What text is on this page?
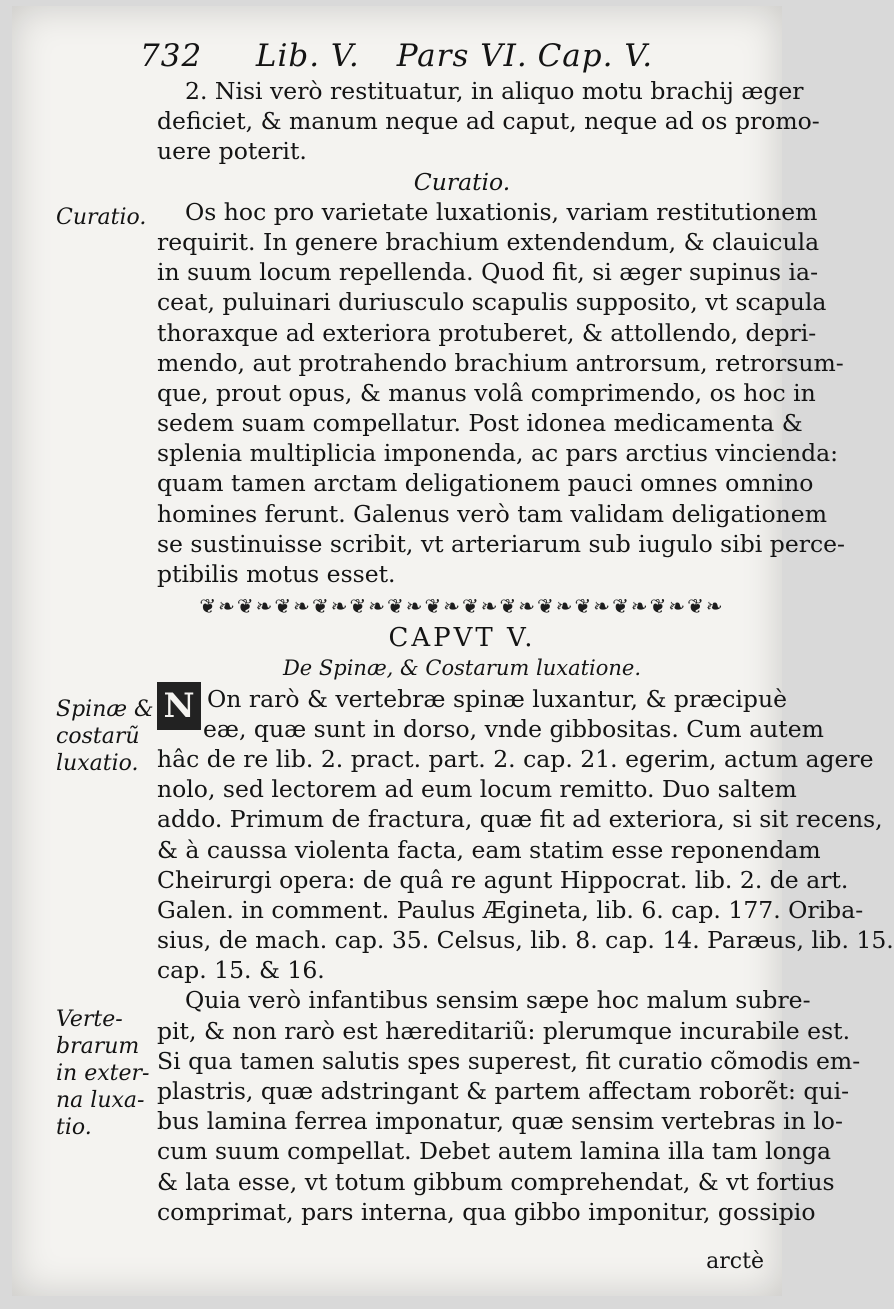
732 Lib. V. Pars VI. Cap. V.
Curatio.
Spinæ &
costarũ
luxatio.
Verte-
brarum
in exter-
na luxa-
tio.
2. Nisi verò restituatur, in aliquo motu brachij æger
deficiet, & manum neque ad caput, neque ad os promo-
uere poterit.
Curatio.
Os hoc pro varietate luxationis, variam restitutionem
requirit. In genere brachium extendendum, & clauicula
in suum locum repellenda. Quod fit, si æger supinus ia-
ceat, puluinari duriusculo scapulis supposito, vt scapula
thoraxque ad exteriora protuberet, & attollendo, depri-
mendo, aut protrahendo brachium antrorsum, retrorsum-
que, prout opus, & manus volâ comprimendo, os hoc in
sedem suam compellatur. Post idonea medicamenta &
splenia multiplicia imponenda, ac pars arctius vincienda:
quam tamen arctam deligationem pauci omnes omnino
homines ferunt. Galenus verò tam validam deligationem
se sustinuisse scribit, vt arteriarum sub iugulo sibi perce-
ptibilis motus esset.
❦❧❦❧❦❧❦❧❦❧❦❧❦❧❦❧❦❧❦❧❦❧❦❧❦❧❦❧
CAPVT V.
De Spinæ, & Costarum luxatione.
N On rarò & vertebræ spinæ luxantur, & præcipuè
eæ, quæ sunt in dorso, vnde gibbositas. Cum autem
hâc de re lib. 2. pract. part. 2. cap. 21. egerim, actum agere
nolo, sed lectorem ad eum locum remitto. Duo saltem
addo. Primum de fractura, quæ fit ad exteriora, si sit recens,
& à caussa violenta facta, eam statim esse reponendam
Cheirurgi opera: de quâ re agunt Hippocrat. lib. 2. de art.
Galen. in comment. Paulus Ægineta, lib. 6. cap. 177. Oriba-
sius, de mach. cap. 35. Celsus, lib. 8. cap. 14. Paræus, lib. 15.
cap. 15. & 16.
Quia verò infantibus sensim sæpe hoc malum subre-
pit, & non rarò est hæreditariũ: plerumque incurabile est.
Si qua tamen salutis spes superest, fit curatio cõmodis em-
plastris, quæ adstringant & partem affectam roborẽt: qui-
bus lamina ferrea imponatur, quæ sensim vertebras in lo-
cum suum compellat. Debet autem lamina illa tam longa
& lata esse, vt totum gibbum comprehendat, & vt fortius
comprimat, pars interna, qua gibbo imponitur, gossipio
arctè
